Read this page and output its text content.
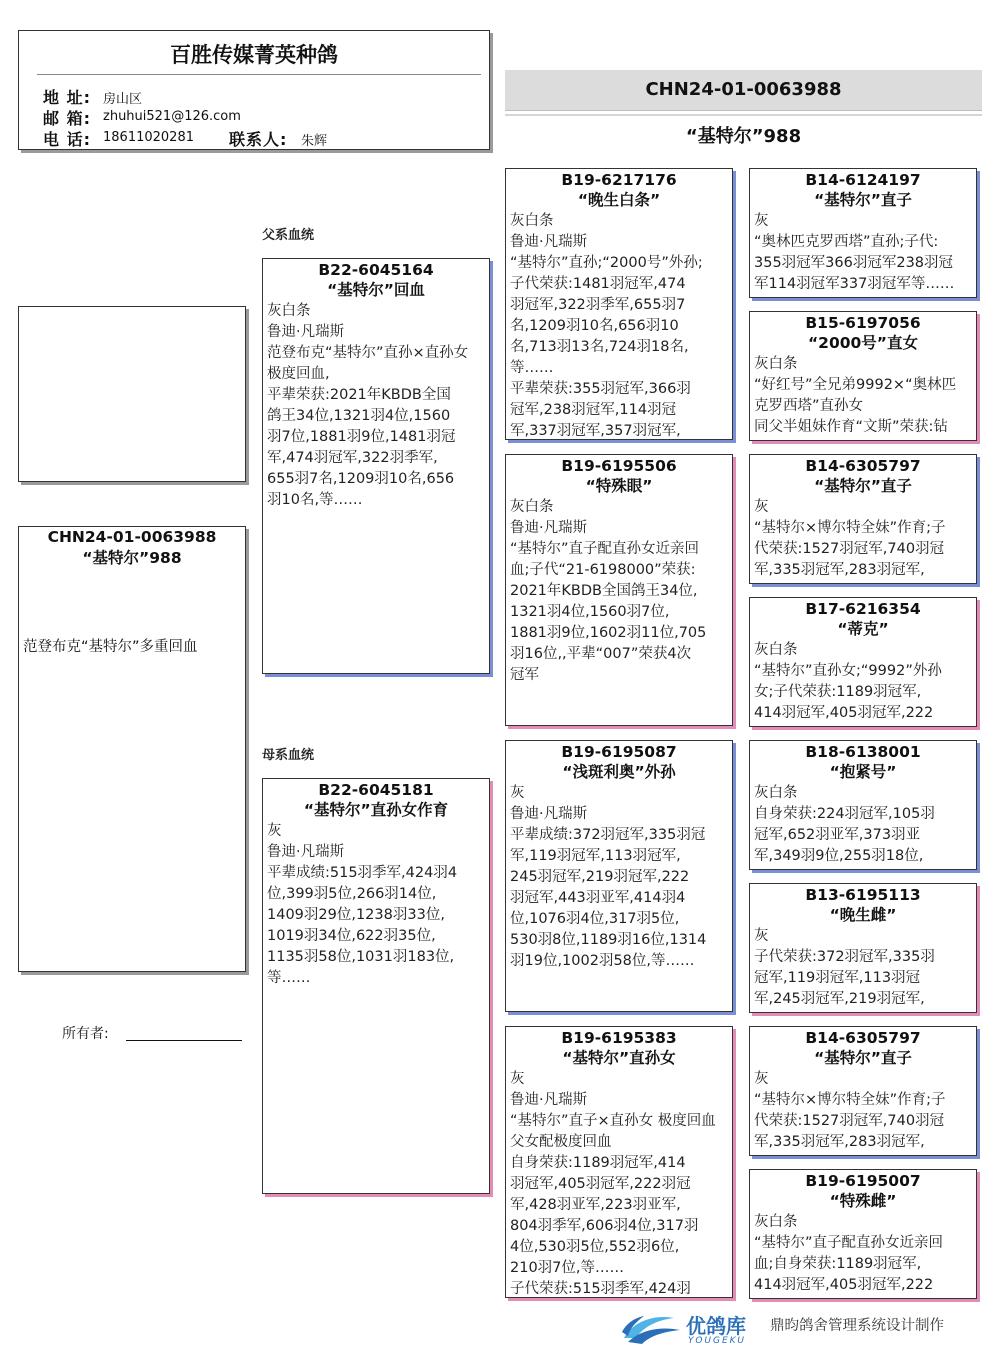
百胜传媒菁英种鸽
地 址: 房山区
邮 箱: zhuhui521@126.com
电 话: 18611020281 联系人: 朱辉
CHN24-01-0063988
“基特尔”988
CHN24-01-0063988
“基特尔”988
范登布克“基特尔”多重回血
所有者:
父系血统
母系血统
B22-6045164
“基特尔”回血
灰白条
鲁迪·凡瑞斯
范登布克“基特尔”直孙×直孙女
极度回血,
平辈荣获:2021年KBDB全国
鸽王34位,1321羽4位,1560
羽7位,1881羽9位,1481羽冠
军,474羽冠军,322羽季军,
655羽7名,1209羽10名,656
羽10名,等……
B22-6045181
“基特尔”直孙女作育
灰
鲁迪·凡瑞斯
平辈成绩:515羽季军,424羽4
位,399羽5位,266羽14位,
1409羽29位,1238羽33位,
1019羽34位,622羽35位,
1135羽58位,1031羽183位,
等……
B19-6217176
“晚生白条”
灰白条
鲁迪·凡瑞斯
“基特尔”直孙;“2000号”外孙;
子代荣获:1481羽冠军,474
羽冠军,322羽季军,655羽7
名,1209羽10名,656羽10
名,713羽13名,724羽18名,
等……
平辈荣获:355羽冠军,366羽
冠军,238羽冠军,114羽冠
军,337羽冠军,357羽冠军,
B19-6195506
“特殊眼”
灰白条
鲁迪·凡瑞斯
“基特尔”直子配直孙女近亲回
血;子代“21-6198000”荣获:
2021年KBDB全国鸽王34位,
1321羽4位,1560羽7位,
1881羽9位,1602羽11位,705
羽16位,,平辈“007”荣获4次
冠军
B19-6195087
“浅斑利奥”外孙
灰
鲁迪·凡瑞斯
平辈成绩:372羽冠军,335羽冠
军,119羽冠军,113羽冠军,
245羽冠军,219羽冠军,222
羽冠军,443羽亚军,414羽4
位,1076羽4位,317羽5位,
530羽8位,1189羽16位,1314
羽19位,1002羽58位,等……
B19-6195383
“基特尔”直孙女
灰
鲁迪·凡瑞斯
“基特尔”直子×直孙女 极度回血
父女配极度回血
自身荣获:1189羽冠军,414
羽冠军,405羽冠军,222羽冠
军,428羽亚军,223羽亚军,
804羽季军,606羽4位,317羽
4位,530羽5位,552羽6位,
210羽7位,等……
子代荣获:515羽季军,424羽
B14-6124197
“基特尔”直子
灰
“奥林匹克罗西塔”直孙;子代:
355羽冠军366羽冠军238羽冠
军114羽冠军337羽冠军等……
B15-6197056
“2000号”直女
灰白条
“好红号”全兄弟9992×“奥林匹
克罗西塔”直孙女
同父半姐妹作育“文斯”荣获:钻
B14-6305797
“基特尔”直子
灰
“基特尔×博尔特全妹”作育;子
代荣获:1527羽冠军,740羽冠
军,335羽冠军,283羽冠军,
B17-6216354
“蒂克”
灰白条
“基特尔”直孙女;“9992”外孙
女;子代荣获:1189羽冠军,
414羽冠军,405羽冠军,222
B18-6138001
“抱紧号”
灰白条
自身荣获:224羽冠军,105羽
冠军,652羽亚军,373羽亚
军,349羽9位,255羽18位,
B13-6195113
“晚生雌”
灰
子代荣获:372羽冠军,335羽
冠军,119羽冠军,113羽冠
军,245羽冠军,219羽冠军,
B14-6305797
“基特尔”直子
灰
“基特尔×博尔特全妹”作育;子
代荣获:1527羽冠军,740羽冠
军,335羽冠军,283羽冠军,
B19-6195007
“特殊雌”
灰白条
“基特尔”直子配直孙女近亲回
血;自身荣获:1189羽冠军,
414羽冠军,405羽冠军,222
优鸽库
YOUGEKU
鼎昀鸽舍管理系统设计制作
